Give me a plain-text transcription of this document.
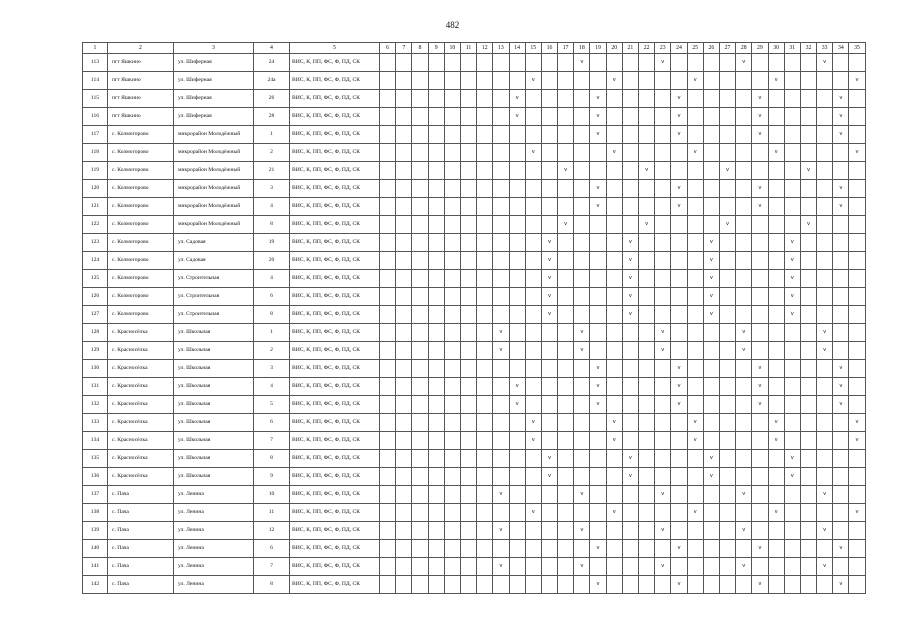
482
1	2	3	4	5	6	7	8	9	10	11	12	13	14	15	16	17	18	19	20	21	22	23	24	25	26	27	28	29	30	31	32	33	34	35
113	пгт Яшкино	ул. Шиферная	24	ВИС, К, ПП, ФС, Ф, ПД, СК													v					v					v					v		
114	пгт Яшкино	ул. Шиферная	24а	ВИС, К, ПП, ФС, Ф, ПД, СК										v					v					v					v					v
115	пгт Яшкино	ул. Шиферная	26	ВИС, К, ПП, ФС, Ф, ПД, СК									v					v					v					v					v	
116	пгт Яшкино	ул. Шиферная	28	ВИС, К, ПП, ФС, Ф, ПД, СК									v					v					v					v					v	
117	с. Колмогорово	микрорайон Молодёжный	1	ВИС, К, ПП, ФС, Ф, ПД, СК														v					v					v					v	
118	с. Колмогорово	микрорайон Молодёжный	2	ВИС, К, ПП, ФС, Ф, ПД, СК										v					v					v					v					v
119	с. Колмогорово	микрорайон Молодёжный	21	ВИС, К, ПП, ФС, Ф, ПД, СК												v					v					v					v			
120	с. Колмогорово	микрорайон Молодёжный	3	ВИС, К, ПП, ФС, Ф, ПД, СК														v					v					v					v	
121	с. Колмогорово	микрорайон Молодёжный	4	ВИС, К, ПП, ФС, Ф, ПД, СК														v					v					v					v	
122	с. Колмогорово	микрорайон Молодёжный	8	ВИС, К, ПП, ФС, Ф, ПД, СК												v					v					v					v			
123	с. Колмогорово	ул. Садовая	19	ВИС, К, ПП, ФС, Ф, ПД, СК											v					v					v					v				
124	с. Колмогорово	ул. Садовая	20	ВИС, К, ПП, ФС, Ф, ПД, СК											v					v					v					v				
125	с. Колмогорово	ул. Строительная	4	ВИС, К, ПП, ФС, Ф, ПД, СК											v					v					v					v				
126	с. Колмогорово	ул. Строительная	6	ВИС, К, ПП, ФС, Ф, ПД, СК											v					v					v					v				
127	с. Колмогорово	ул. Строительная	8	ВИС, К, ПП, ФС, Ф, ПД, СК											v					v					v					v				
128	с. Красносёлка	ул. Школьная	1	ВИС, К, ПП, ФС, Ф, ПД, СК								v					v					v					v					v		
129	с. Красносёлка	ул. Школьная	2	ВИС, К, ПП, ФС, Ф, ПД, СК								v					v					v					v					v		
130	с. Красносёлка	ул. Школьная	3	ВИС, К, ПП, ФС, Ф, ПД, СК														v					v					v					v	
131	с. Красносёлка	ул. Школьная	4	ВИС, К, ПП, ФС, Ф, ПД, СК									v					v					v					v					v	
132	с. Красносёлка	ул. Школьная	5	ВИС, К, ПП, ФС, Ф, ПД, СК									v					v					v					v					v	
133	с. Красносёлка	ул. Школьная	6	ВИС, К, ПП, ФС, Ф, ПД, СК										v					v					v					v					v
134	с. Красносёлка	ул. Школьная	7	ВИС, К, ПП, ФС, Ф, ПД, СК										v					v					v					v					v
135	с. Красносёлка	ул. Школьная	8	ВИС, К, ПП, ФС, Ф, ПД, СК											v					v					v					v				
136	с. Красносёлка	ул. Школьная	9	ВИС, К, ПП, ФС, Ф, ПД, СК											v					v					v					v				
137	с. Пача	ул. Ленина	10	ВИС, К, ПП, ФС, Ф, ПД, СК								v					v					v					v					v		
138	с. Пача	ул. Ленина	11	ВИС, К, ПП, ФС, Ф, ПД, СК										v					v					v					v					v
139	с. Пача	ул. Ленина	12	ВИС, К, ПП, ФС, Ф, ПД, СК								v					v					v					v					v		
140	с. Пача	ул. Ленина	6	ВИС, К, ПП, ФС, Ф, ПД, СК														v					v					v					v	
141	с. Пача	ул. Ленина	7	ВИС, К, ПП, ФС, Ф, ПД, СК								v					v					v					v					v		
142	с. Пача	ул. Ленина	8	ВИС, К, ПП, ФС, Ф, ПД, СК														v					v					v					v	
